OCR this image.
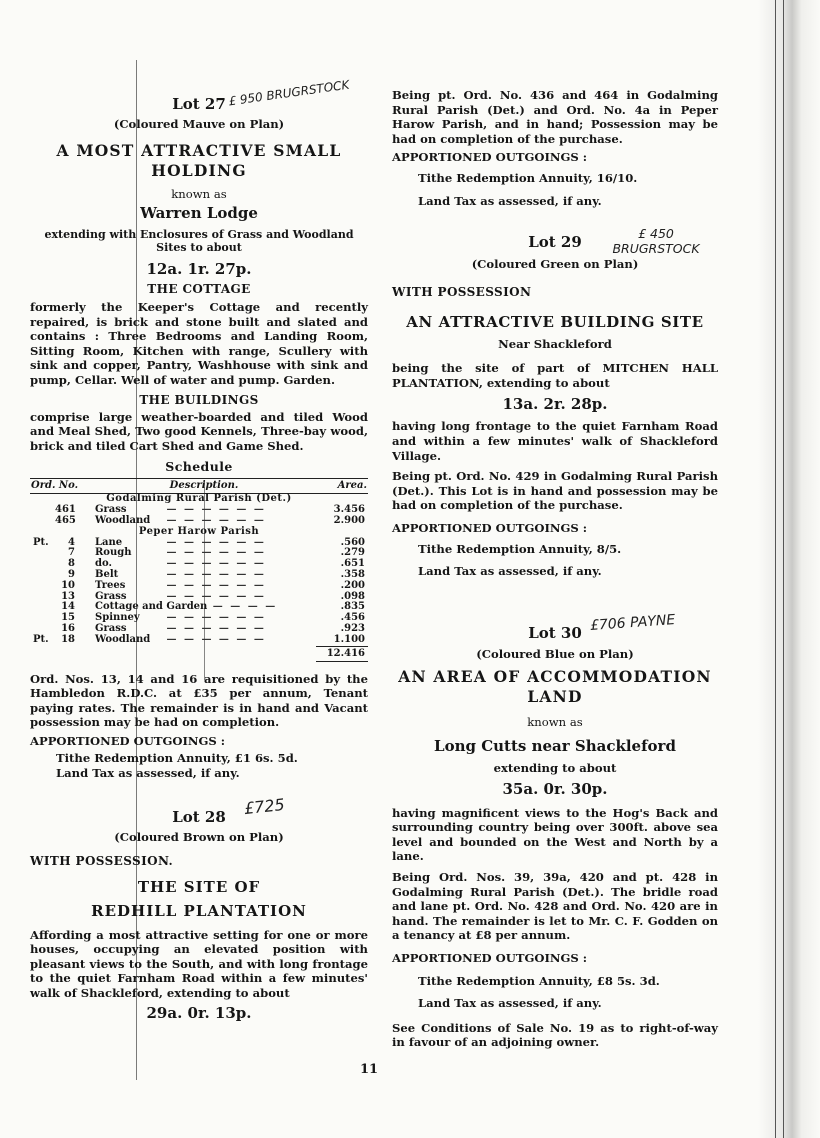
Lot 27 £ 950 BRUGRSTOCK
(Coloured Mauve on Plan)
A MOST ATTRACTIVE SMALL HOLDING
known as
Warren Lodge
extending with Enclosures of Grass and Woodland Sites to about
12a. 1r. 27p.
THE COTTAGE

formerly the Keeper's Cottage and recently repaired, is brick and stone built and slated and contains : Three Bedrooms and Landing Room, Sitting Room, Kitchen with range, Scullery with sink and copper, Pantry, Washhouse with sink and pump, Cellar. Well of water and pump. Garden.

THE BUILDINGS

comprise large weather-boarded and tiled Wood and Meal Shed, Two good Kennels, Three-bay wood, brick and tiled Cart Shed and Game Shed.

Schedule
Ord. No.	Description.	Area.
Godalming Rural Parish (Det.)		
461	Grass — — — — — —	3.456
465	Woodland — — — — — —	2.900
Peper Harow Parish		
Pt. 4	Lane — — — — — —	.560
7	Rough — — — — — —	.279
8	do. — — — — — —	.651
9	Belt — — — — — —	.358
10	Trees — — — — — —	.200
13	Grass — — — — — —	.098
14	Cottage and Garden — — — —	.835
15	Spinney — — — — — —	.456
16	Grass — — — — — —	.923
Pt. 18	Woodland — — — — — —	1.100
		12.416

Ord. Nos. 13, 14 and 16 are requisitioned by the Hambledon R.D.C. at £35 per annum, Tenant paying rates. The remainder is in hand and Vacant possession may be had on completion.

APPORTIONED OUTGOINGS :
Tithe Redemption Annuity, £1 6s. 5d.
Land Tax as assessed, if any.
Lot 28 £725
(Coloured Brown on Plan)
WITH POSSESSION.
THE SITE OF
REDHILL PLANTATION

Affording a most attractive setting for one or more houses, occupying an elevated position with pleasant views to the South, and with long frontage to the quiet Farnham Road within a few minutes' walk of Shackleford, extending to about

29a. 0r. 13p.

Being pt. Ord. No. 436 and 464 in Godalming Rural Parish (Det.) and Ord. No. 4a in Peper Harow Parish, and in hand; Possession may be had on completion of the purchase.

APPORTIONED OUTGOINGS :
Tithe Redemption Annuity, 16/10.
Land Tax as assessed, if any.
Lot 29	£ 450 BRUGRSTOCK
(Coloured Green on Plan)
WITH POSSESSION
AN ATTRACTIVE BUILDING SITE
Near Shackleford

being the site of part of MITCHEN HALL PLANTATION, extending to about

13a. 2r. 28p.

having long frontage to the quiet Farnham Road and within a few minutes' walk of Shackleford Village.

Being pt. Ord. No. 429 in Godalming Rural Parish (Det.). This Lot is in hand and possession may be had on completion of the purchase.

APPORTIONED OUTGOINGS :
Tithe Redemption Annuity, 8/5.
Land Tax as assessed, if any.
Lot 30 £706 PAYNE
(Coloured Blue on Plan)
AN AREA OF ACCOMMODATION LAND
known as
Long Cutts near Shackleford
extending to about
35a. 0r. 30p.

having magnificent views to the Hog's Back and surrounding country being over 300ft. above sea level and bounded on the West and North by a lane.

Being Ord. Nos. 39, 39a, 420 and pt. 428 in Godalming Rural Parish (Det.). The bridle road and lane pt. Ord. No. 428 and Ord. No. 420 are in hand. The remainder is let to Mr. C. F. Godden on a tenancy at £8 per annum.

APPORTIONED OUTGOINGS :
Tithe Redemption Annuity, £8 5s. 3d.
Land Tax as assessed, if any.

See Conditions of Sale No. 19 as to right-of-way in favour of an adjoining owner.

11
